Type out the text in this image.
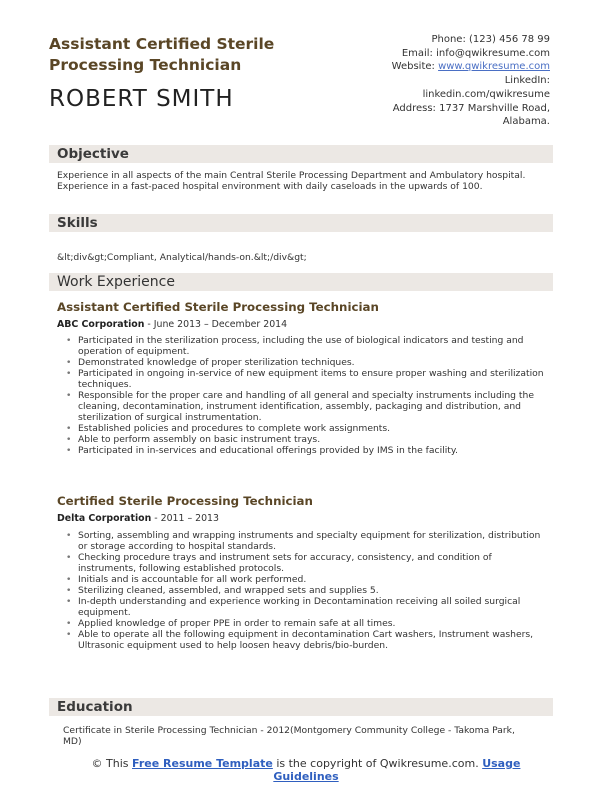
Assistant Certified Sterile Processing Technician
ROBERT SMITH
Phone: (123) 456 78 99
Email: info@qwikresume.com
Website: www.qwikresume.com
LinkedIn:
linkedin.com/qwikresume
Address: 1737 Marshville Road,
Alabama.
Objective
Experience in all aspects of the main Central Sterile Processing Department and Ambulatory hospital. Experience in a fast-paced hospital environment with daily caseloads in the upwards of 100.
Skills
&lt;div&gt;Compliant, Analytical/hands-on.&lt;/div&gt;
Work Experience
Assistant Certified Sterile Processing Technician
ABC Corporation - June 2013 – December 2014
• Participated in the sterilization process, including the use of biological indicators and testing and operation of equipment.
• Demonstrated knowledge of proper sterilization techniques.
• Participated in ongoing in-service of new equipment items to ensure proper washing and sterilization techniques.
• Responsible for the proper care and handling of all general and specialty instruments including the cleaning, decontamination, instrument identification, assembly, packaging and distribution, and sterilization of surgical instrumentation.
• Established policies and procedures to complete work assignments.
• Able to perform assembly on basic instrument trays.
• Participated in in-services and educational offerings provided by IMS in the facility.
Certified Sterile Processing Technician
Delta Corporation - 2011 – 2013
• Sorting, assembling and wrapping instruments and specialty equipment for sterilization, distribution or storage according to hospital standards.
• Checking procedure trays and instrument sets for accuracy, consistency, and condition of instruments, following established protocols.
• Initials and is accountable for all work performed.
• Sterilizing cleaned, assembled, and wrapped sets and supplies 5.
• In-depth understanding and experience working in Decontamination receiving all soiled surgical equipment.
• Applied knowledge of proper PPE in order to remain safe at all times.
• Able to operate all the following equipment in decontamination Cart washers, Instrument washers, Ultrasonic equipment used to help loosen heavy debris/bio-burden.
Education
Certificate in Sterile Processing Technician - 2012(Montgomery Community College - Takoma Park, MD)
© This Free Resume Template is the copyright of Qwikresume.com. Usage Guidelines
